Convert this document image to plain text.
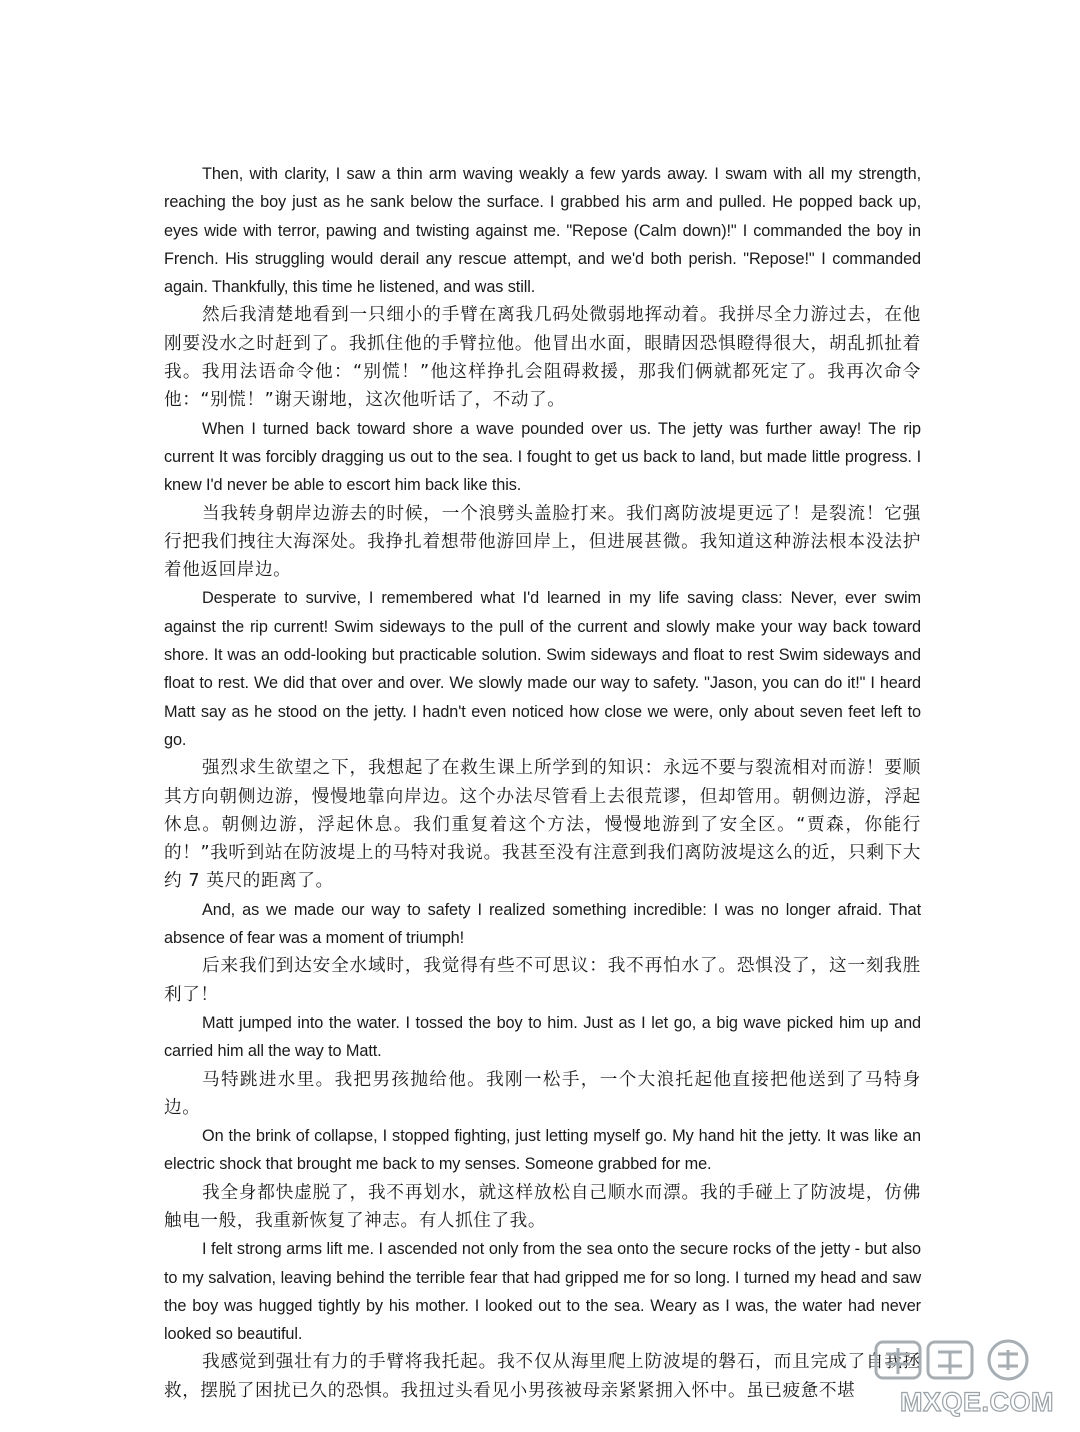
Then, with clarity, I saw a thin arm waving weakly a few yards away. I swam with all my strength, reaching the boy just as he sank below the surface. I grabbed his arm and pulled. He popped back up, eyes wide with terror, pawing and twisting against me. "Repose (Calm down)!" I commanded the boy in French. His struggling would derail any rescue attempt, and we'd both perish. "Repose!" I commanded again. Thankfully, this time he listened, and was still.

然后我清楚地看到一只细小的手臂在离我几码处微弱地挥动着。我拼尽全力游过去，在他刚要没水之时赶到了。我抓住他的手臂拉他。他冒出水面，眼睛因恐惧瞪得很大，胡乱抓扯着我。我用法语命令他：“别慌！”他这样挣扎会阻碍救援，那我们俩就都死定了。我再次命令他：“别慌！”谢天谢地，这次他听话了，不动了。

When I turned back toward shore a wave pounded over us. The jetty was further away! The rip current It was forcibly dragging us out to the sea. I fought to get us back to land, but made little progress. I knew I'd never be able to escort him back like this.

当我转身朝岸边游去的时候，一个浪劈头盖脸打来。我们离防波堤更远了！是裂流！它强行把我们拽往大海深处。我挣扎着想带他游回岸上，但进展甚微。我知道这种游法根本没法护着他返回岸边。

Desperate to survive, I remembered what I'd learned in my life saving class: Never, ever swim against the rip current! Swim sideways to the pull of the current and slowly make your way back toward shore. It was an odd-looking but practicable solution. Swim sideways and float to rest Swim sideways and float to rest. We did that over and over. We slowly made our way to safety. "Jason, you can do it!" I heard Matt say as he stood on the jetty. I hadn't even noticed how close we were, only about seven feet left to go.

强烈求生欲望之下，我想起了在救生课上所学到的知识：永远不要与裂流相对而游！要顺其方向朝侧边游，慢慢地靠向岸边。这个办法尽管看上去很荒谬，但却管用。朝侧边游，浮起休息。朝侧边游，浮起休息。我们重复着这个方法，慢慢地游到了安全区。“贾森，你能行的！”我听到站在防波堤上的马特对我说。我甚至没有注意到我们离防波堤这么的近，只剩下大约 7 英尺的距离了。

And, as we made our way to safety I realized something incredible: I was no longer afraid. That absence of fear was a moment of triumph!

后来我们到达安全水域时，我觉得有些不可思议：我不再怕水了。恐惧没了，这一刻我胜利了！

Matt jumped into the water. I tossed the boy to him. Just as I let go, a big wave picked him up and carried him all the way to Matt.

马特跳进水里。我把男孩抛给他。我刚一松手，一个大浪托起他直接把他送到了马特身边。

On the brink of collapse, I stopped fighting, just letting myself go. My hand hit the jetty. It was like an electric shock that brought me back to my senses. Someone grabbed for me.

我全身都快虚脱了，我不再划水，就这样放松自己顺水而漂。我的手碰上了防波堤，仿佛触电一般，我重新恢复了神志。有人抓住了我。

I felt strong arms lift me. I ascended not only from the sea onto the secure rocks of the jetty - but also to my salvation, leaving behind the terrible fear that had gripped me for so long. I turned my head and saw the boy was hugged tightly by his mother. I looked out to the sea. Weary as I was, the water had never looked so beautiful.

我感觉到强壮有力的手臂将我托起。我不仅从海里爬上防波堤的磐石，而且完成了自我拯救，摆脱了困扰已久的恐惧。我扭过头看见小男孩被母亲紧紧拥入怀中。虽已疲惫不堪	MXQE.COM
